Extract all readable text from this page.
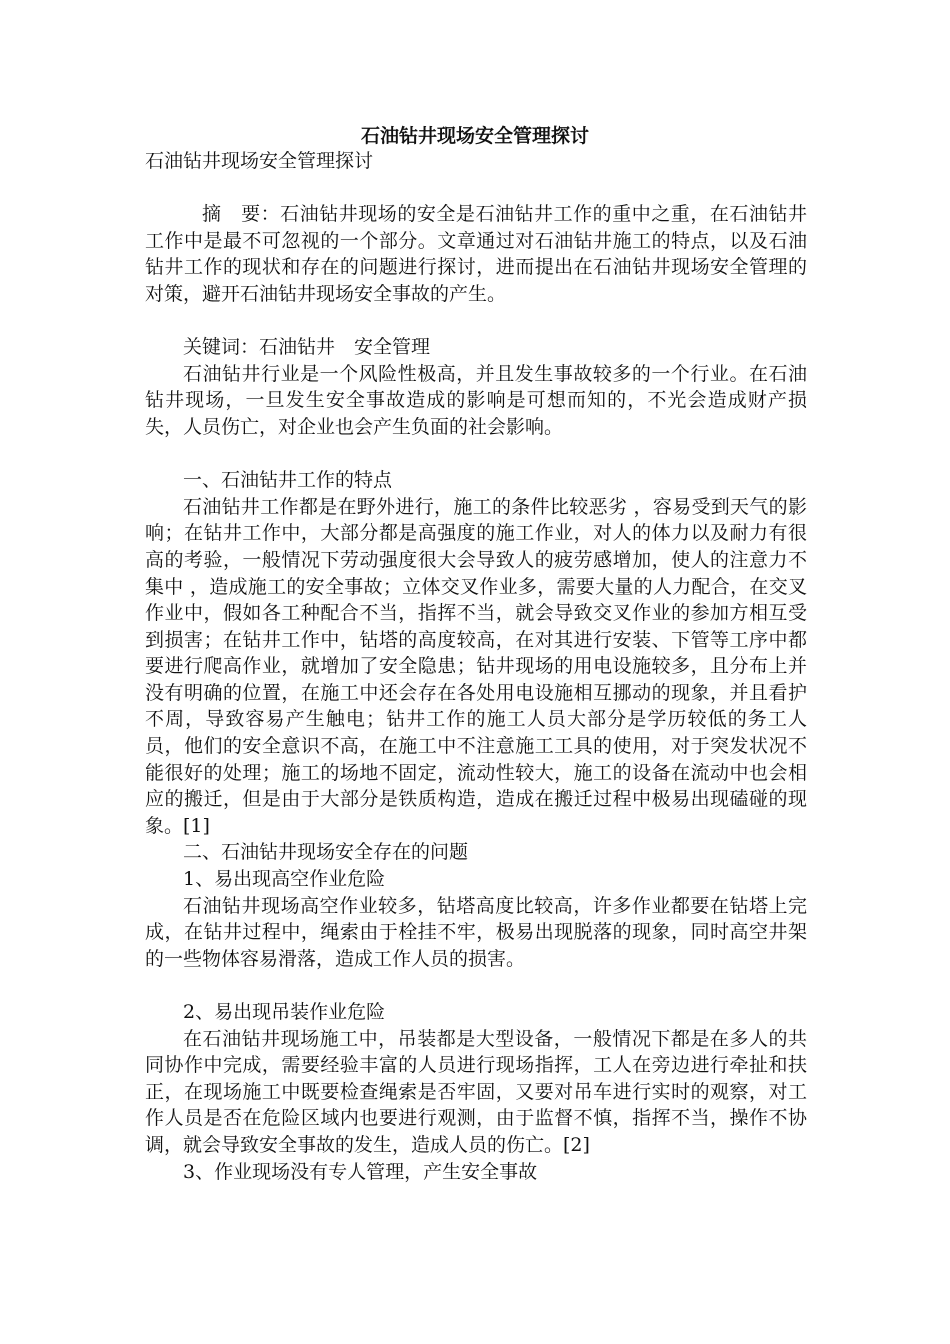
石油钻井现场安全管理探讨

石油钻井现场安全管理探讨

摘　要：石油钻井现场的安全是石油钻井工作的重中之重，在石油钻井工作中是最不可忽视的一个部分。文章通过对石油钻井施工的特点，以及石油钻井工作的现状和存在的问题进行探讨，进而提出在石油钻井现场安全管理的对策，避开石油钻井现场安全事故的产生。

关键词：石油钻井　安全管理

石油钻井行业是一个风险性极高，并且发生事故较多的一个行业。在石油钻井现场，一旦发生安全事故造成的影响是可想而知的，不光会造成财产损失，人员伤亡，对企业也会产生负面的社会影响。

一、石油钻井工作的特点

石油钻井工作都是在野外进行，施工的条件比较恶劣 ，容易受到天气的影响；在钻井工作中，大部分都是高强度的施工作业，对人的体力以及耐力有很高的考验，一般情况下劳动强度很大会导致人的疲劳感增加，使人的注意力不集中 ，造成施工的安全事故；立体交叉作业多，需要大量的人力配合，在交叉作业中，假如各工种配合不当，指挥不当，就会导致交叉作业的参加方相互受到损害；在钻井工作中，钻塔的高度较高，在对其进行安装、下管等工序中都要进行爬高作业，就增加了安全隐患；钻井现场的用电设施较多，且分布上并没有明确的位置，在施工中还会存在各处用电设施相互挪动的现象，并且看护不周，导致容易产生触电；钻井工作的施工人员大部分是学历较低的务工人员，他们的安全意识不高，在施工中不注意施工工具的使用，对于突发状况不能很好的处理；施工的场地不固定，流动性较大，施工的设备在流动中也会相应的搬迁，但是由于大部分是铁质构造，造成在搬迁过程中极易出现磕碰的现象。[1]

二、石油钻井现场安全存在的问题

1、易出现高空作业危险

石油钻井现场高空作业较多，钻塔高度比较高，许多作业都要在钻塔上完成，在钻井过程中，绳索由于栓挂不牢，极易出现脱落的现象，同时高空井架的一些物体容易滑落，造成工作人员的损害。

2、易出现吊装作业危险

在石油钻井现场施工中，吊装都是大型设备，一般情况下都是在多人的共同协作中完成，需要经验丰富的人员进行现场指挥，工人在旁边进行牵扯和扶正，在现场施工中既要检查绳索是否牢固，又要对吊车进行实时的观察，对工作人员是否在危险区域内也要进行观测，由于监督不慎，指挥不当，操作不协调，就会导致安全事故的发生，造成人员的伤亡。[2]

3、作业现场没有专人管理，产生安全事故
